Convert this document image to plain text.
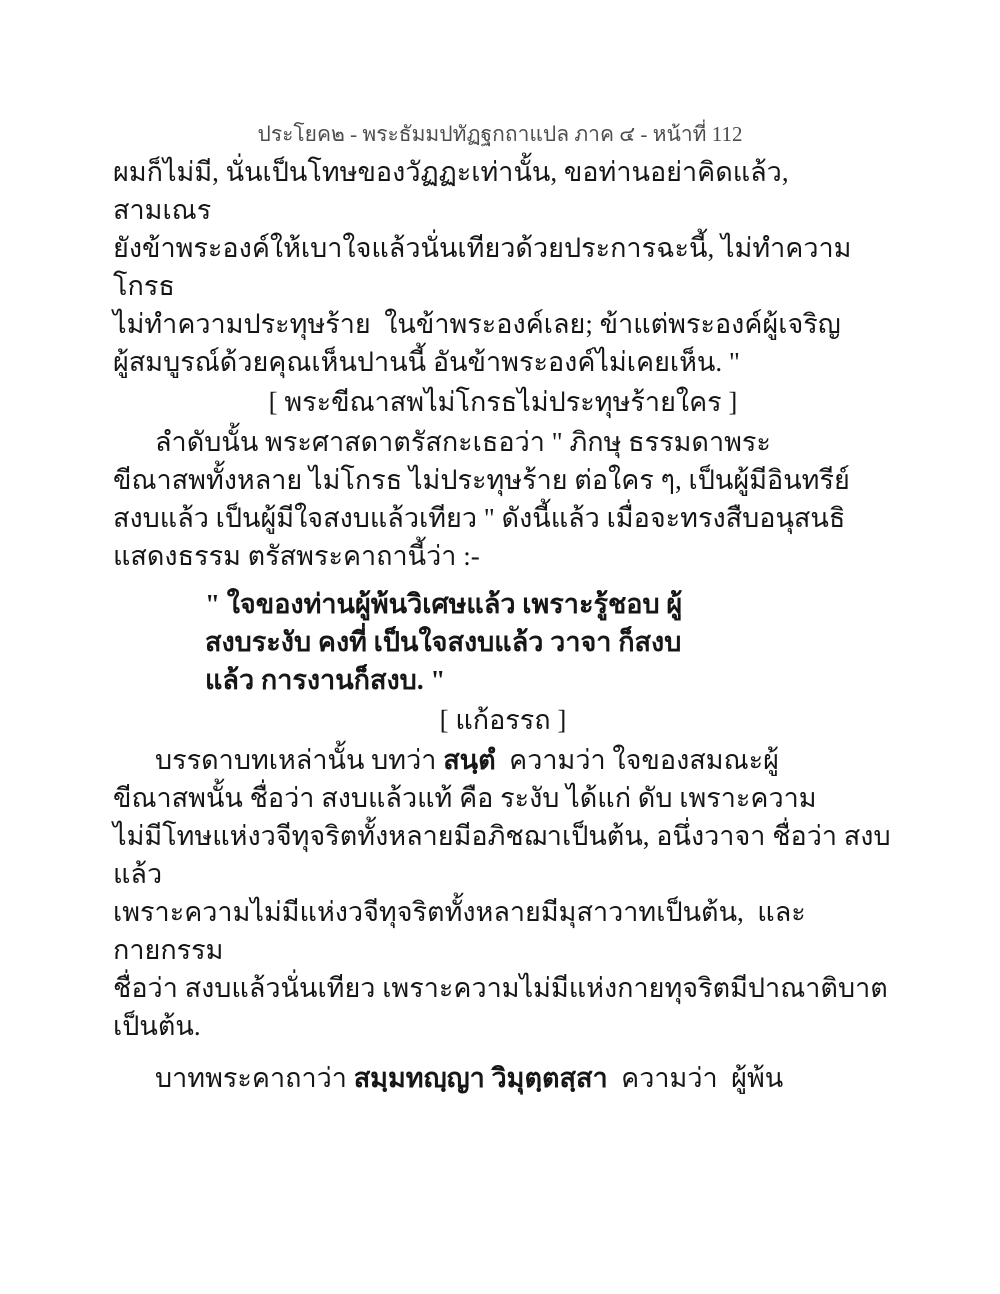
ประโยค๒ - พระธัมมปทัฏฐกถาแปล ภาค ๔ - หน้าที่ 112
ผมก็ไม่มี, นั่นเป็นโทษของวัฏฏะเท่านั้น, ขอท่านอย่าคิดแล้ว, สามเณร
ยังข้าพระองค์ให้เบาใจแล้วนั่นเทียวด้วยประการฉะนี้, ไม่ทำความโกรธ
ไม่ทำความประทุษร้าย  ในข้าพระองค์เลย; ข้าแต่พระองค์ผู้เจริญ
ผู้สมบูรณ์ด้วยคุณเห็นปานนี้ อันข้าพระองค์ไม่เคยเห็น. "
[ พระขีณาสพไม่โกรธไม่ประทุษร้ายใคร ]
ลำดับนั้น พระศาสดาตรัสกะเธอว่า " ภิกษุ ธรรมดาพระ
ขีณาสพทั้งหลาย ไม่โกรธ ไม่ประทุษร้าย ต่อใคร ๆ, เป็นผู้มีอินทรีย์
สงบแล้ว เป็นผู้มีใจสงบแล้วเทียว " ดังนี้แล้ว เมื่อจะทรงสืบอนุสนธิ
แสดงธรรม ตรัสพระคาถานี้ว่า :-
" ใจของท่านผู้พ้นวิเศษแล้ว เพราะรู้ชอบ ผู้
สงบระงับ คงที่ เป็นใจสงบแล้ว วาจา ก็สงบ
แล้ว การงานก็สงบ. "
[ แก้อรรถ ]
บรรดาบทเหล่านั้น บทว่า สนฺตํ  ความว่า ใจของสมณะผู้
ขีณาสพนั้น ชื่อว่า สงบแล้วแท้ คือ ระงับ ได้แก่ ดับ เพราะความ
ไม่มีโทษแห่งวจีทุจริตทั้งหลายมีอภิชฌาเป็นต้น, อนึ่งวาจา ชื่อว่า สงบแล้ว
เพราะความไม่มีแห่งวจีทุจริตทั้งหลายมีมุสาวาทเป็นต้น,  และกายกรรม
ชื่อว่า สงบแล้วนั่นเทียว เพราะความไม่มีแห่งกายทุจริตมีปาณาติบาต
เป็นต้น.
บาทพระคาถาว่า สมฺมทญฺญา วิมุตฺตสฺสา  ความว่า  ผู้พ้น
